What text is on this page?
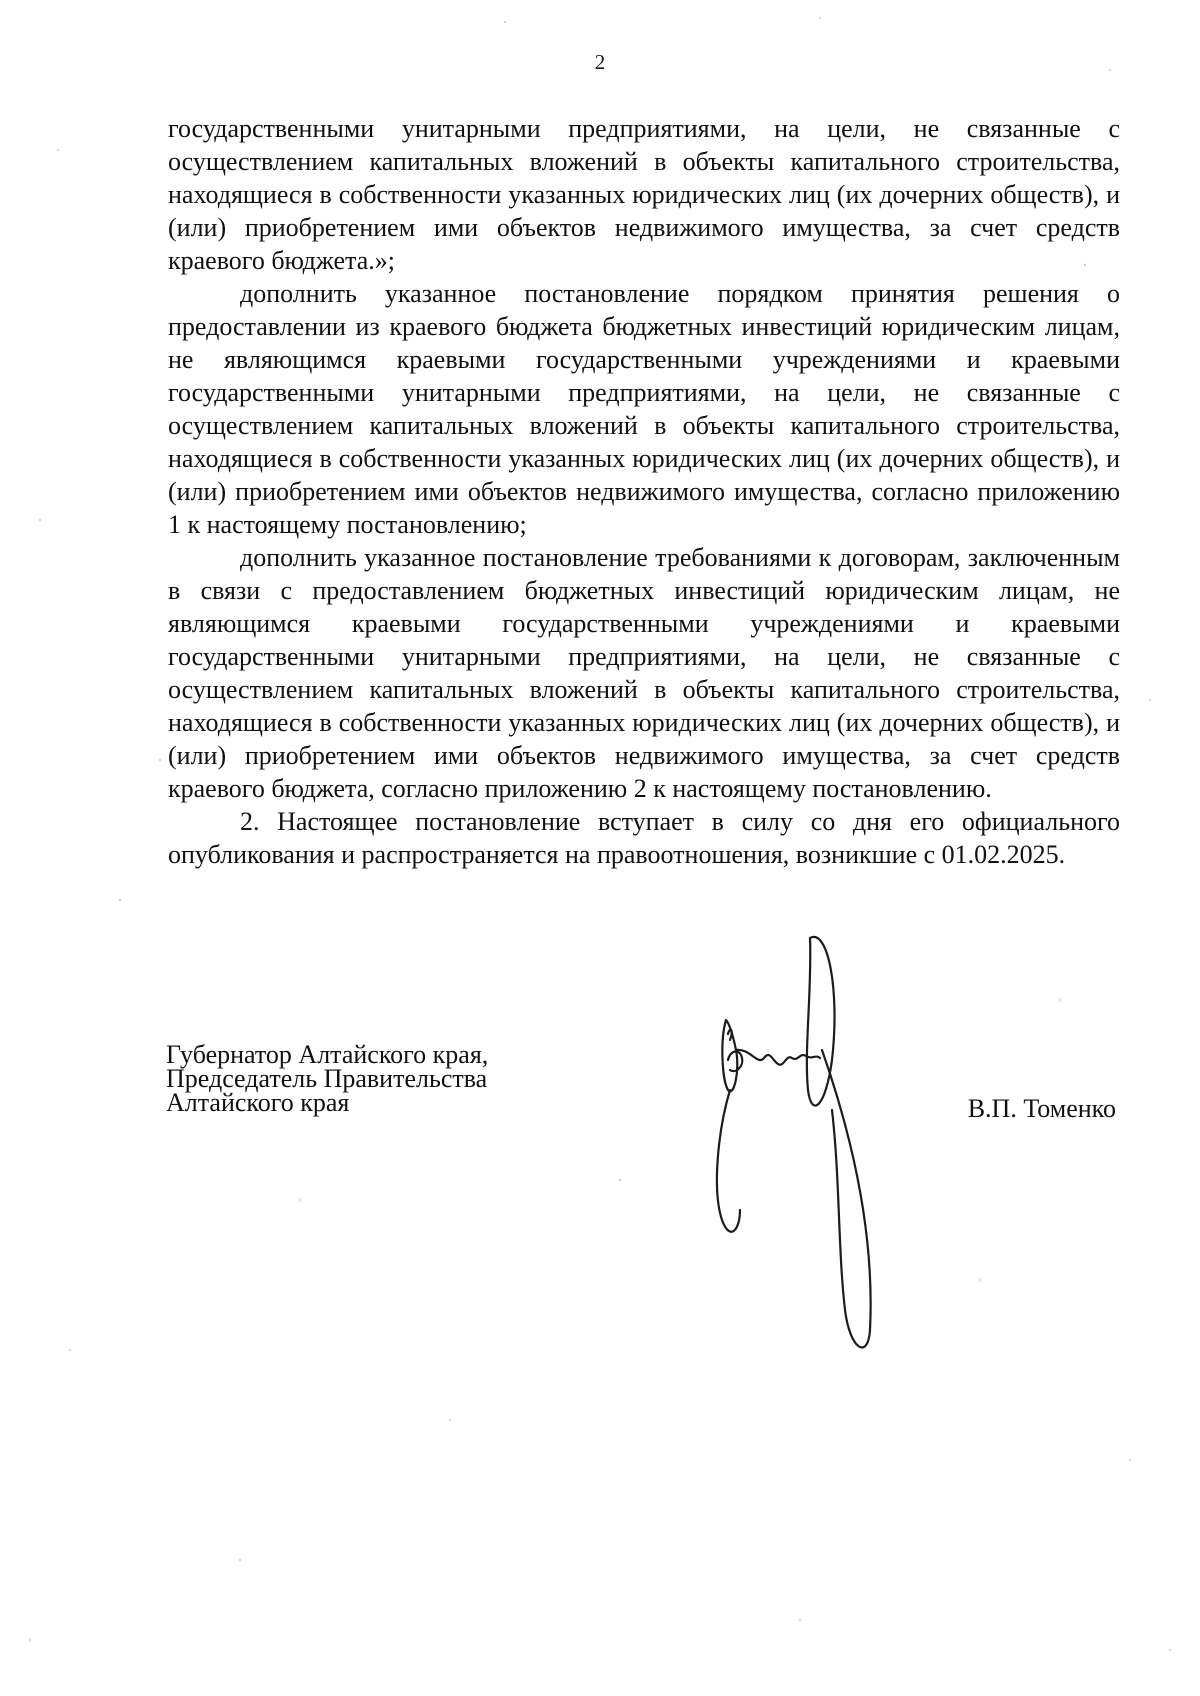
2

государственными унитарными предприятиями, на цели, не связанные с осуществлением капитальных вложений в объекты капитального строительства, находящиеся в собственности указанных юридических лиц (их дочерних обществ), и (или) приобретением ими объектов недвижимого имущества, за счет средств краевого бюджета.»;

дополнить указанное постановление порядком принятия решения о предоставлении из краевого бюджета бюджетных инвестиций юридическим лицам, не являющимся краевыми государственными учреждениями и краевыми государственными унитарными предприятиями, на цели, не связанные с осуществлением капитальных вложений в объекты капитального строительства, находящиеся в собственности указанных юридических лиц (их дочерних обществ), и (или) приобретением ими объектов недвижимого имущества, согласно приложению 1 к настоящему постановлению;

дополнить указанное постановление требованиями к договорам, заключенным в связи с предоставлением бюджетных инвестиций юридическим лицам, не являющимся краевыми государственными учреждениями и краевыми государственными унитарными предприятиями, на цели, не связанные с осуществлением капитальных вложений в объекты капитального строительства, находящиеся в собственности указанных юридических лиц (их дочерних обществ), и (или) приобретением ими объектов недвижимого имущества, за счет средств краевого бюджета, согласно приложению 2 к настоящему постановлению.

2. Настоящее постановление вступает в силу со дня его официального опубликования и распространяется на правоотношения, возникшие с 01.02.2025.

Губернатор Алтайского края,
Председатель Правительства
Алтайского края	В.П. Томенко
